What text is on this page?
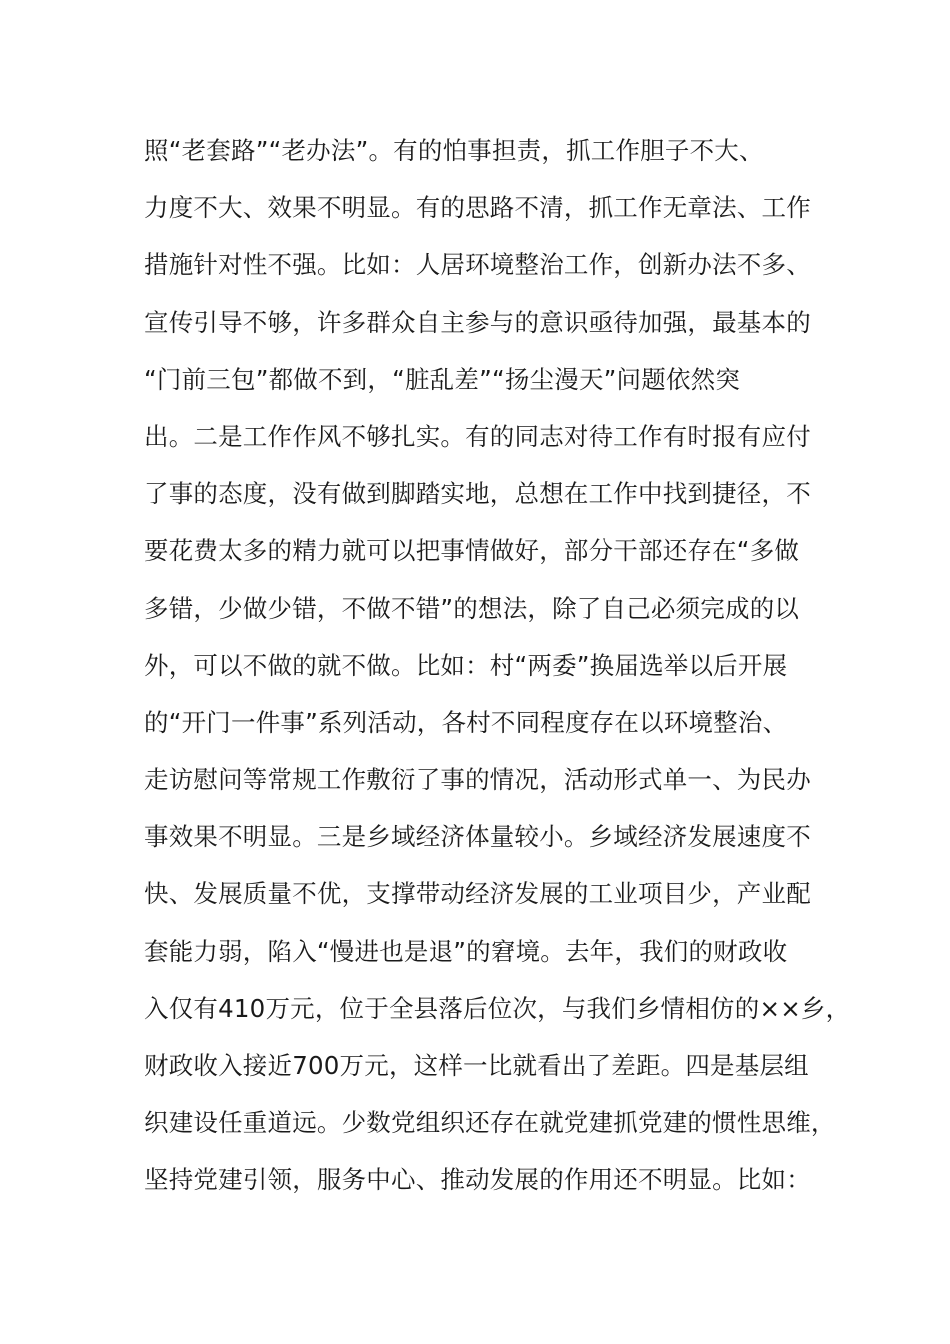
照“老套路”“老办法”。有的怕事担责，抓工作胆子不大、
力度不大、效果不明显。有的思路不清，抓工作无章法、工作
措施针对性不强。比如：人居环境整治工作，创新办法不多、
宣传引导不够，许多群众自主参与的意识亟待加强，最基本的
“门前三包”都做不到，“脏乱差”“扬尘漫天”问题依然突
出。二是工作作风不够扎实。有的同志对待工作有时报有应付
了事的态度，没有做到脚踏实地，总想在工作中找到捷径，不
要花费太多的精力就可以把事情做好，部分干部还存在“多做
多错，少做少错，不做不错”的想法，除了自己必须完成的以
外，可以不做的就不做。比如：村“两委”换届选举以后开展
的“开门一件事”系列活动，各村不同程度存在以环境整治、
走访慰问等常规工作敷衍了事的情况，活动形式单一、为民办
事效果不明显。三是乡域经济体量较小。乡域经济发展速度不
快、发展质量不优，支撑带动经济发展的工业项目少，产业配
套能力弱，陷入“慢进也是退”的窘境。去年，我们的财政收
入仅有410万元，位于全县落后位次，与我们乡情相仿的××乡，
财政收入接近700万元，这样一比就看出了差距。四是基层组
织建设任重道远。少数党组织还存在就党建抓党建的惯性思维，
坚持党建引领，服务中心、推动发展的作用还不明显。比如：
